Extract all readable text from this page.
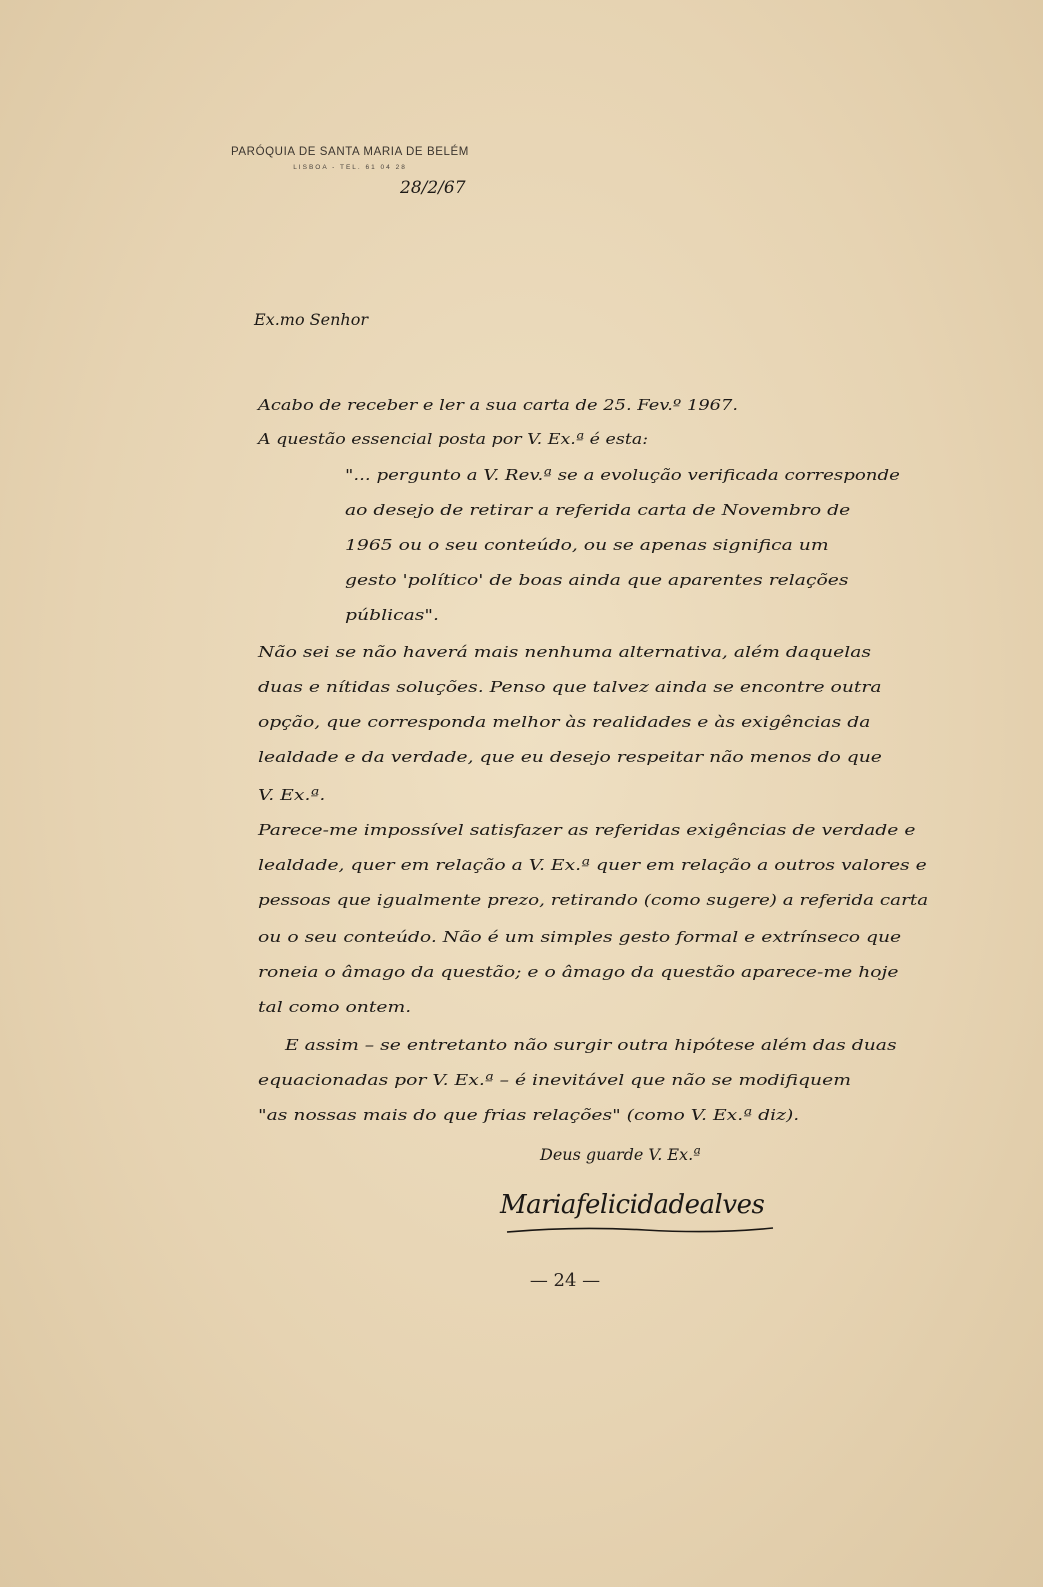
PARÓQUIA DE SANTA MARIA DE BELÉM
LISBOA - TEL. 61 04 28
28/2/67
Ex.mo Senhor
Acabo de receber e ler a sua carta de 25. Fev.º 1967.
A questão essencial posta por V. Ex.ª é esta:
"... pergunto a V. Rev.ª se a evolução verificada corresponde
ao desejo de retirar a referida carta de Novembro de
1965 ou o seu conteúdo, ou se apenas significa um
gesto 'político' de boas ainda que aparentes relações
públicas".
Não sei se não haverá mais nenhuma alternativa, além daquelas
duas e nítidas soluções. Penso que talvez ainda se encontre outra
opção, que corresponda melhor às realidades e às exigências da
lealdade e da verdade, que eu desejo respeitar não menos do que
V. Ex.ª.
Parece-me impossível satisfazer as referidas exigências de verdade e
lealdade, quer em relação a V. Ex.ª quer em relação a outros valores e
pessoas que igualmente prezo, retirando (como sugere) a referida carta
ou o seu conteúdo. Não é um simples gesto formal e extrínseco que
roneia o âmago da questão; e o âmago da questão aparece-me hoje
tal como ontem.
E assim – se entretanto não surgir outra hipótese além das duas
equacionadas por V. Ex.ª – é inevitável que não se modifiquem
"as nossas mais do que frias relações" (como V. Ex.ª diz).
Deus guarde V. Ex.ª
Mariafelicidadealves
— 24 —
